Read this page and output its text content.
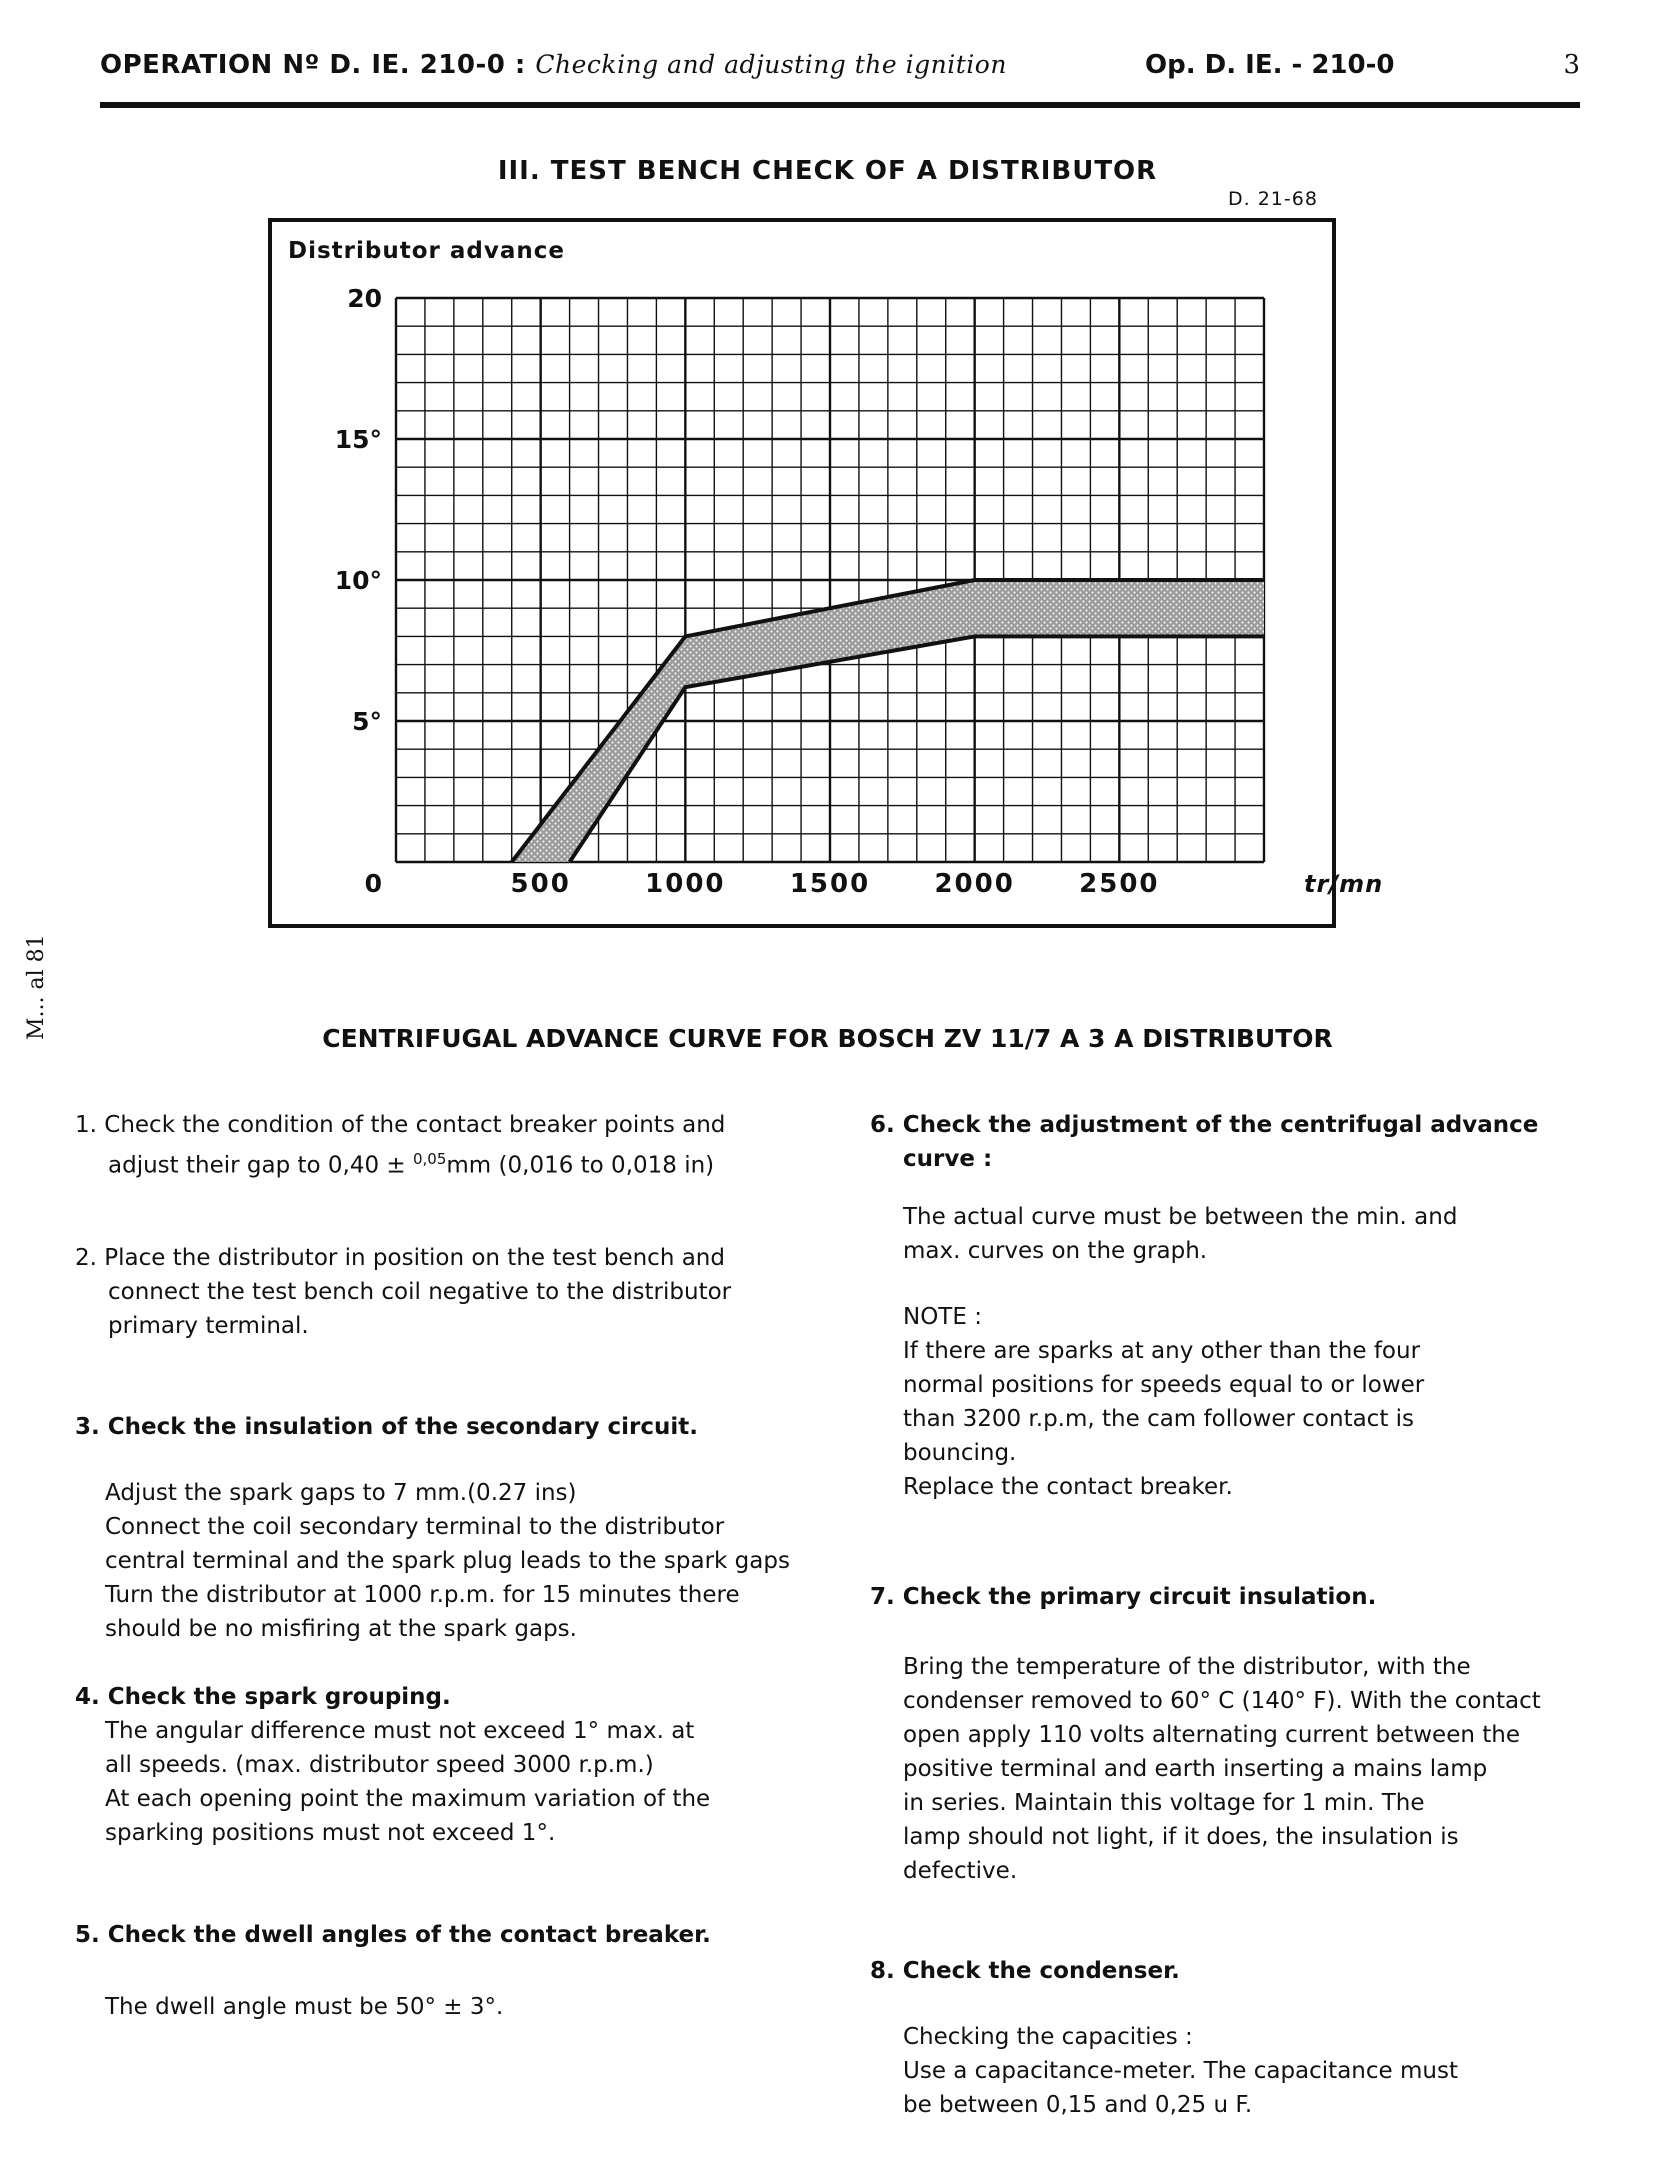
OPERATION Nº D. IE. 210-0 : Checking and adjusting the ignition	Op. D. IE. - 210-0	3
III. TEST BENCH CHECK OF A DISTRIBUTOR
D. 21-68
Distributor advance
0
5°
10°
15°
20
500	1000 1500 2000 2500	tr/mn
CENTRIFUGAL ADVANCE CURVE FOR BOSCH ZV 11/7 A 3 A DISTRIBUTOR
M... al 81

1. Check the condition of the contact breaker points and

adjust their gap to 0,40 ± $^{0,05}$mm (0,016 to 0,018 in)

2. Place the distributor in position on the test bench and

connect the test bench coil negative to the distributor

primary terminal.

3. Check the insulation of the secondary circuit.

Adjust the spark gaps to 7 mm.(0.27 ins)

Connect the coil secondary terminal to the distributor

central terminal and the spark plug leads to the spark gaps

Turn the distributor at 1000 r.p.m. for 15 minutes there

should be no misfiring at the spark gaps.

4. Check the spark grouping.

The angular difference must not exceed 1° max. at

all speeds. (max. distributor speed 3000 r.p.m.)

At each opening point the maximum variation of the

sparking positions must not exceed 1°.

5. Check the dwell angles of the contact breaker.

The dwell angle must be 50° ± 3°.

6. Check the adjustment of the centrifugal advance

curve :

The actual curve must be between the min. and

max. curves on the graph.

NOTE :

If there are sparks at any other than the four

normal positions for speeds equal to or lower

than 3200 r.p.m, the cam follower contact is

bouncing.

Replace the contact breaker.

7. Check the primary circuit insulation.

Bring the temperature of the distributor, with the

condenser removed to 60° C (140° F). With the contact

open apply 110 volts alternating current between the

positive terminal and earth inserting a mains lamp

in series. Maintain this voltage for 1 min. The

lamp should not light, if it does, the insulation is

defective.

8. Check the condenser.

Checking the capacities :

Use a capacitance-meter. The capacitance must

be between 0,15 and 0,25 u F.
